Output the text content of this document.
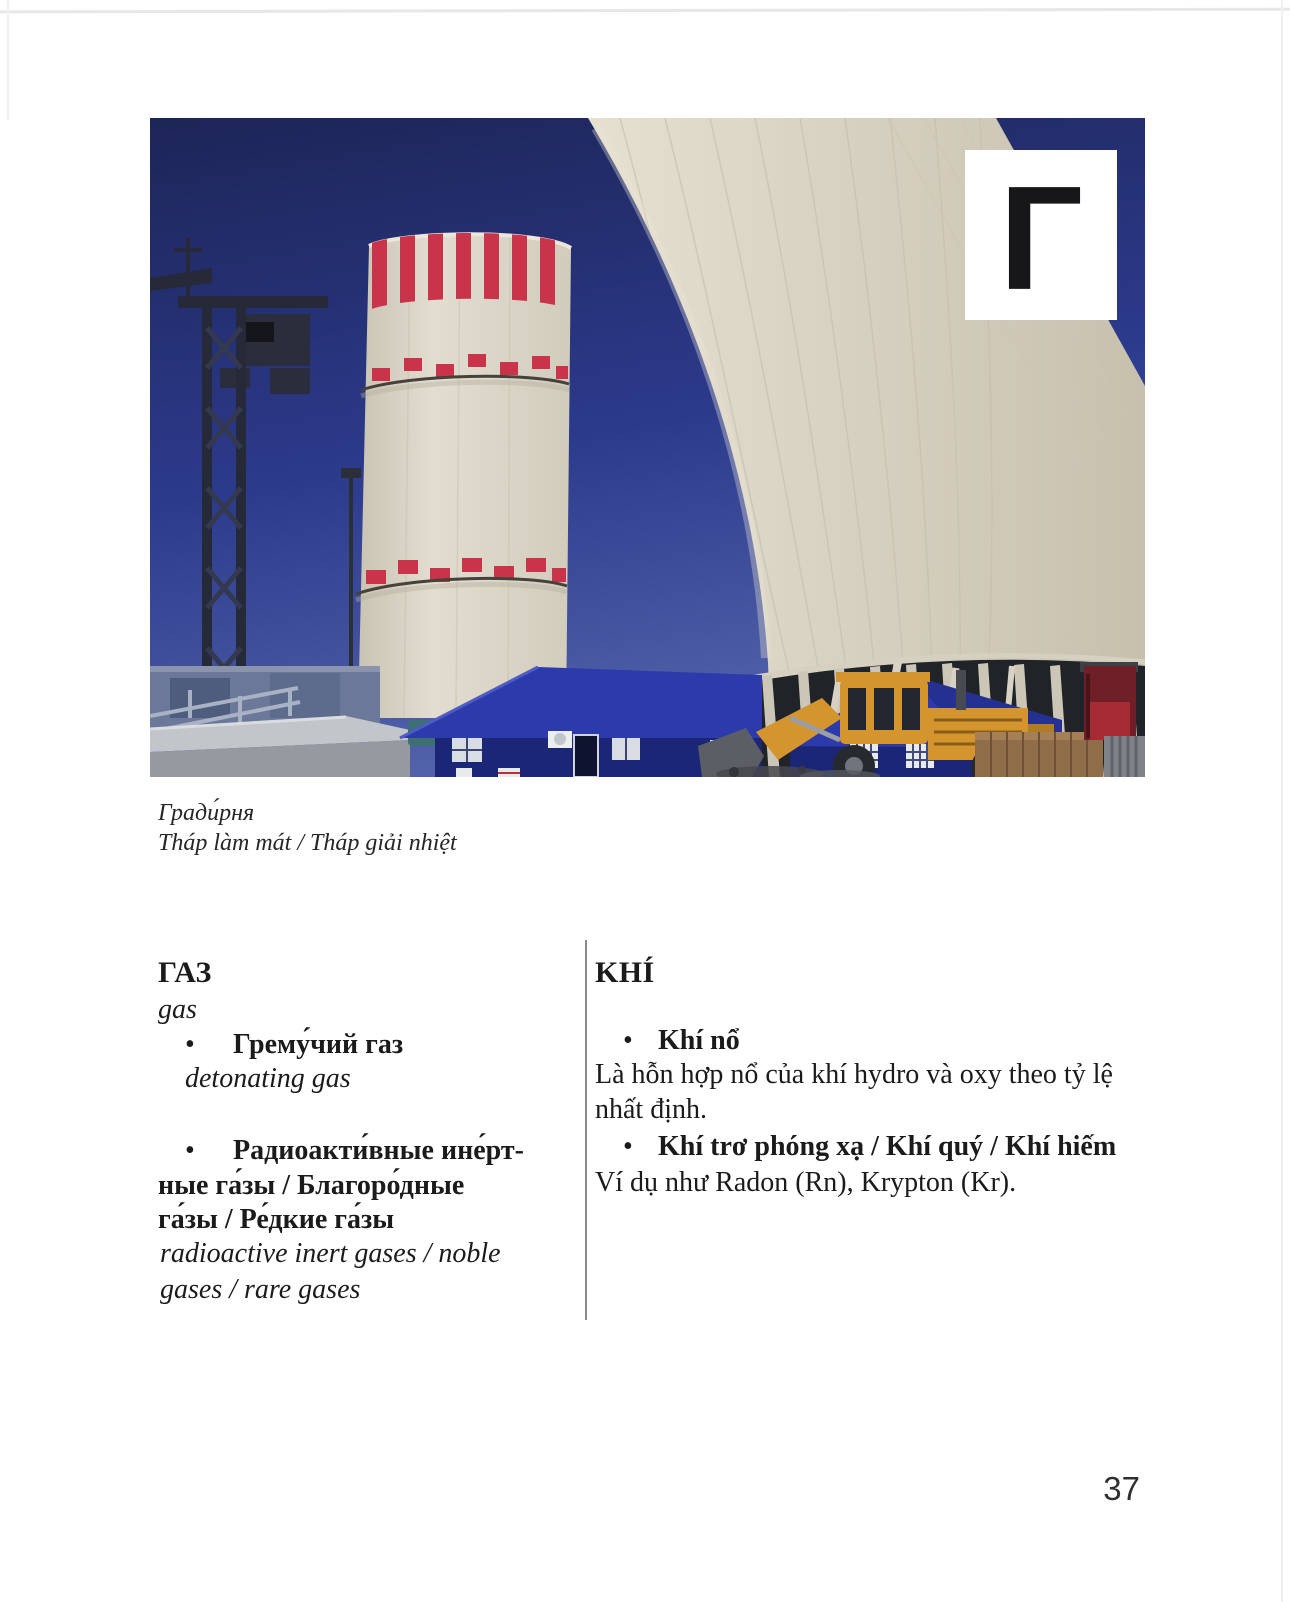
Г
Гради́рня
Tháp làm mát / Tháp giải nhiệt
ГАЗ
gas
• Грему́чий газ
detonating gas
• Радиоакти́вные ине́рт-
ные га́зы / Благоро́дные
га́зы / Ре́дкие га́зы
radioactive inert gases / noble
gases / rare gases
KHÍ
• Khí nổ
Là hỗn hợp nổ của khí hydro và oxy theo tỷ lệ
nhất định.
• Khí trơ phóng xạ / Khí quý / Khí hiếm
Ví dụ như Radon (Rn), Krypton (Kr).
37
